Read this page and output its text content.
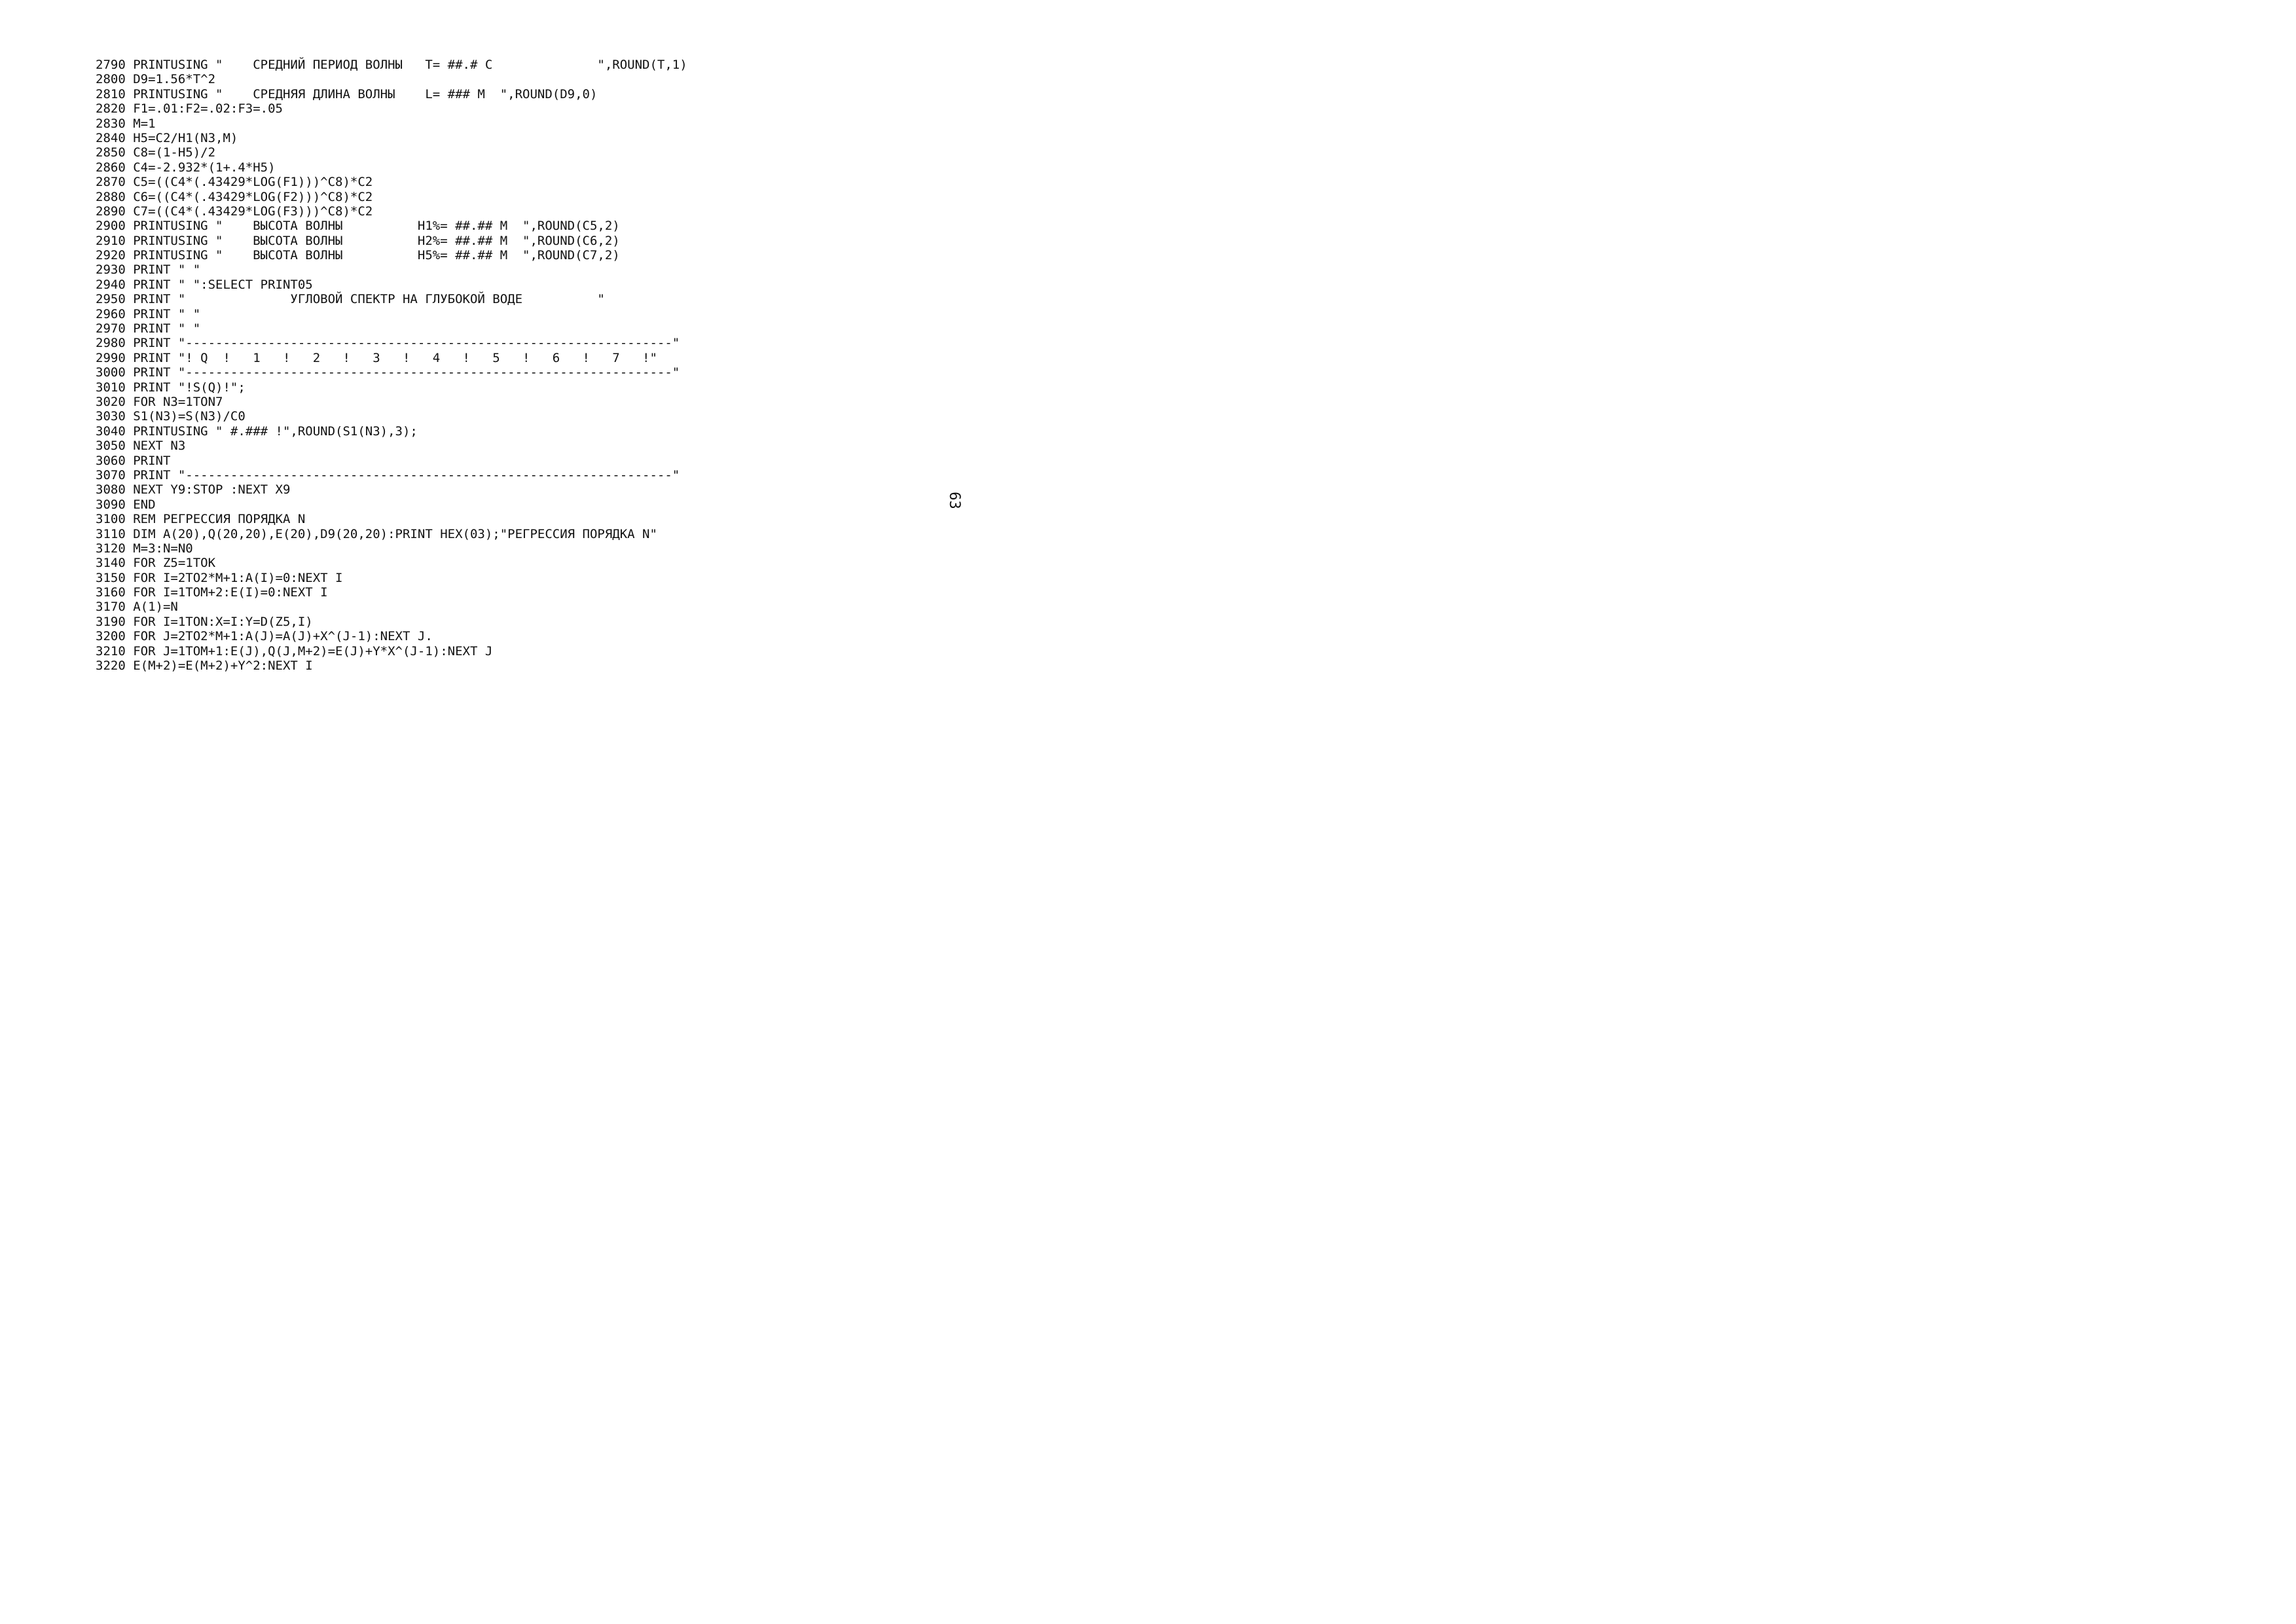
2790 PRINTUSING "    СРЕДНИЙ ПЕРИОД ВОЛНЫ   T= ##.# C              ",ROUND(T,1)
2800 D9=1.56*T^2
2810 PRINTUSING "    СРЕДНЯЯ ДЛИНА ВОЛНЫ    L= ### M  ",ROUND(D9,0)
2820 F1=.01:F2=.02:F3=.05
2830 M=1
2840 H5=C2/H1(N3,M)
2850 C8=(1-H5)/2
2860 C4=-2.932*(1+.4*H5)
2870 C5=((C4*(.43429*LOG(F1)))^C8)*C2
2880 C6=((C4*(.43429*LOG(F2)))^C8)*C2
2890 C7=((C4*(.43429*LOG(F3)))^C8)*C2
2900 PRINTUSING "    ВЫСОТА ВОЛНЫ          H1%= ##.## M  ",ROUND(C5,2)
2910 PRINTUSING "    ВЫСОТА ВОЛНЫ          H2%= ##.## M  ",ROUND(C6,2)
2920 PRINTUSING "    ВЫСОТА ВОЛНЫ          H5%= ##.## M  ",ROUND(C7,2)
2930 PRINT " "
2940 PRINT " ":SELECT PRINT05
2950 PRINT "              УГЛОВОЙ СПЕКТР НА ГЛУБОКОЙ ВОДЕ          "
2960 PRINT " "
2970 PRINT " "
2980 PRINT "-----------------------------------------------------------------"
2990 PRINT "! Q  !   1   !   2   !   3   !   4   !   5   !   6   !   7   !"
3000 PRINT "-----------------------------------------------------------------"
3010 PRINT "!S(Q)!";
3020 FOR N3=1TON7
3030 S1(N3)=S(N3)/C0
3040 PRINTUSING " #.### !",ROUND(S1(N3),3);
3050 NEXT N3
3060 PRINT
3070 PRINT "-----------------------------------------------------------------"
3080 NEXT Y9:STOP :NEXT X9
3090 END
3100 REM РЕГРЕССИЯ ПОРЯДКА N
3110 DIM A(20),Q(20,20),E(20),D9(20,20):PRINT HEX(03);"РЕГРЕССИЯ ПОРЯДКА N"
3120 M=3:N=N0
3140 FOR Z5=1TOK
3150 FOR I=2TO2*M+1:A(I)=0:NEXT I
3160 FOR I=1TOM+2:E(I)=0:NEXT I
3170 A(1)=N
3190 FOR I=1TON:X=I:Y=D(Z5,I)
3200 FOR J=2TO2*M+1:A(J)=A(J)+X^(J-1):NEXT J.
3210 FOR J=1TOM+1:E(J),Q(J,M+2)=E(J)+Y*X^(J-1):NEXT J
3220 E(M+2)=E(M+2)+Y^2:NEXT I
63
